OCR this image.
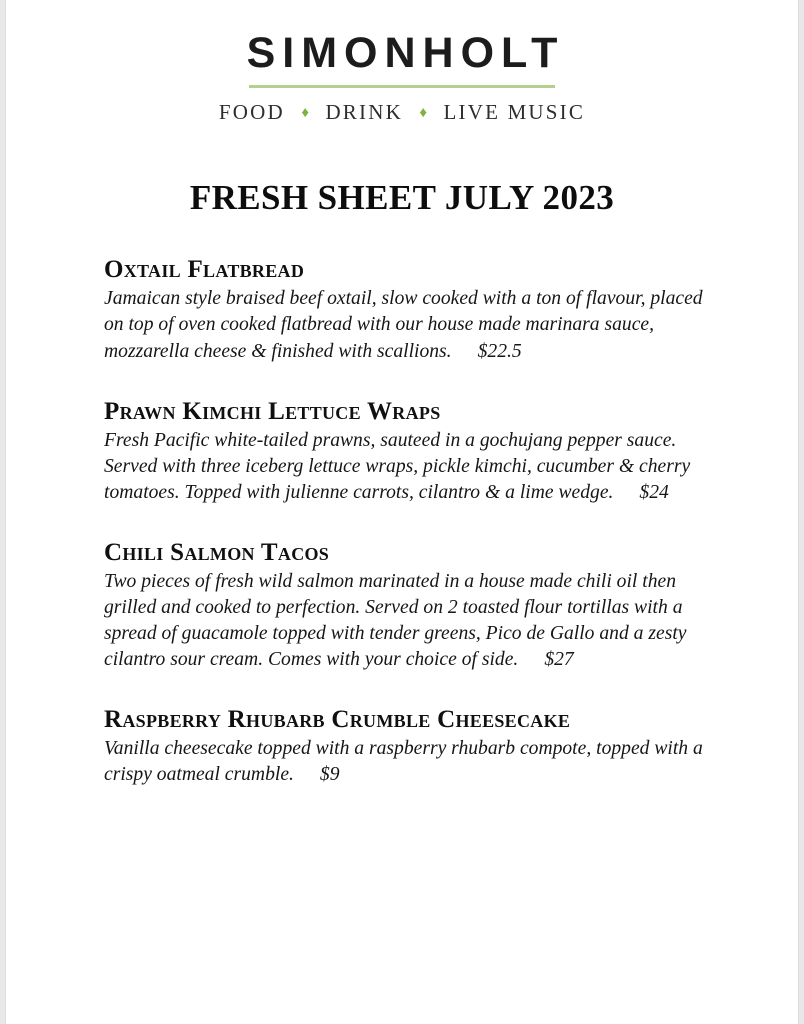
SIMONHOLT
FOOD ♦ DRINK ♦ LIVE MUSIC
FRESH SHEET JULY 2023
Oxtail Flatbread
Jamaican style braised beef oxtail, slow cooked with a ton of flavour, placed on top of oven cooked flatbread with our house made marinara sauce, mozzarella cheese & finished with scallions. $22.5
Prawn Kimchi Lettuce Wraps
Fresh Pacific white-tailed prawns, sauteed in a gochujang pepper sauce. Served with three iceberg lettuce wraps, pickle kimchi, cucumber & cherry tomatoes. Topped with julienne carrots, cilantro & a lime wedge. $24
Chili Salmon Tacos
Two pieces of fresh wild salmon marinated in a house made chili oil then grilled and cooked to perfection. Served on 2 toasted flour tortillas with a spread of guacamole topped with tender greens, Pico de Gallo and a zesty cilantro sour cream. Comes with your choice of side. $27
Raspberry Rhubarb Crumble Cheesecake
Vanilla cheesecake topped with a raspberry rhubarb compote, topped with a crispy oatmeal crumble. $9
